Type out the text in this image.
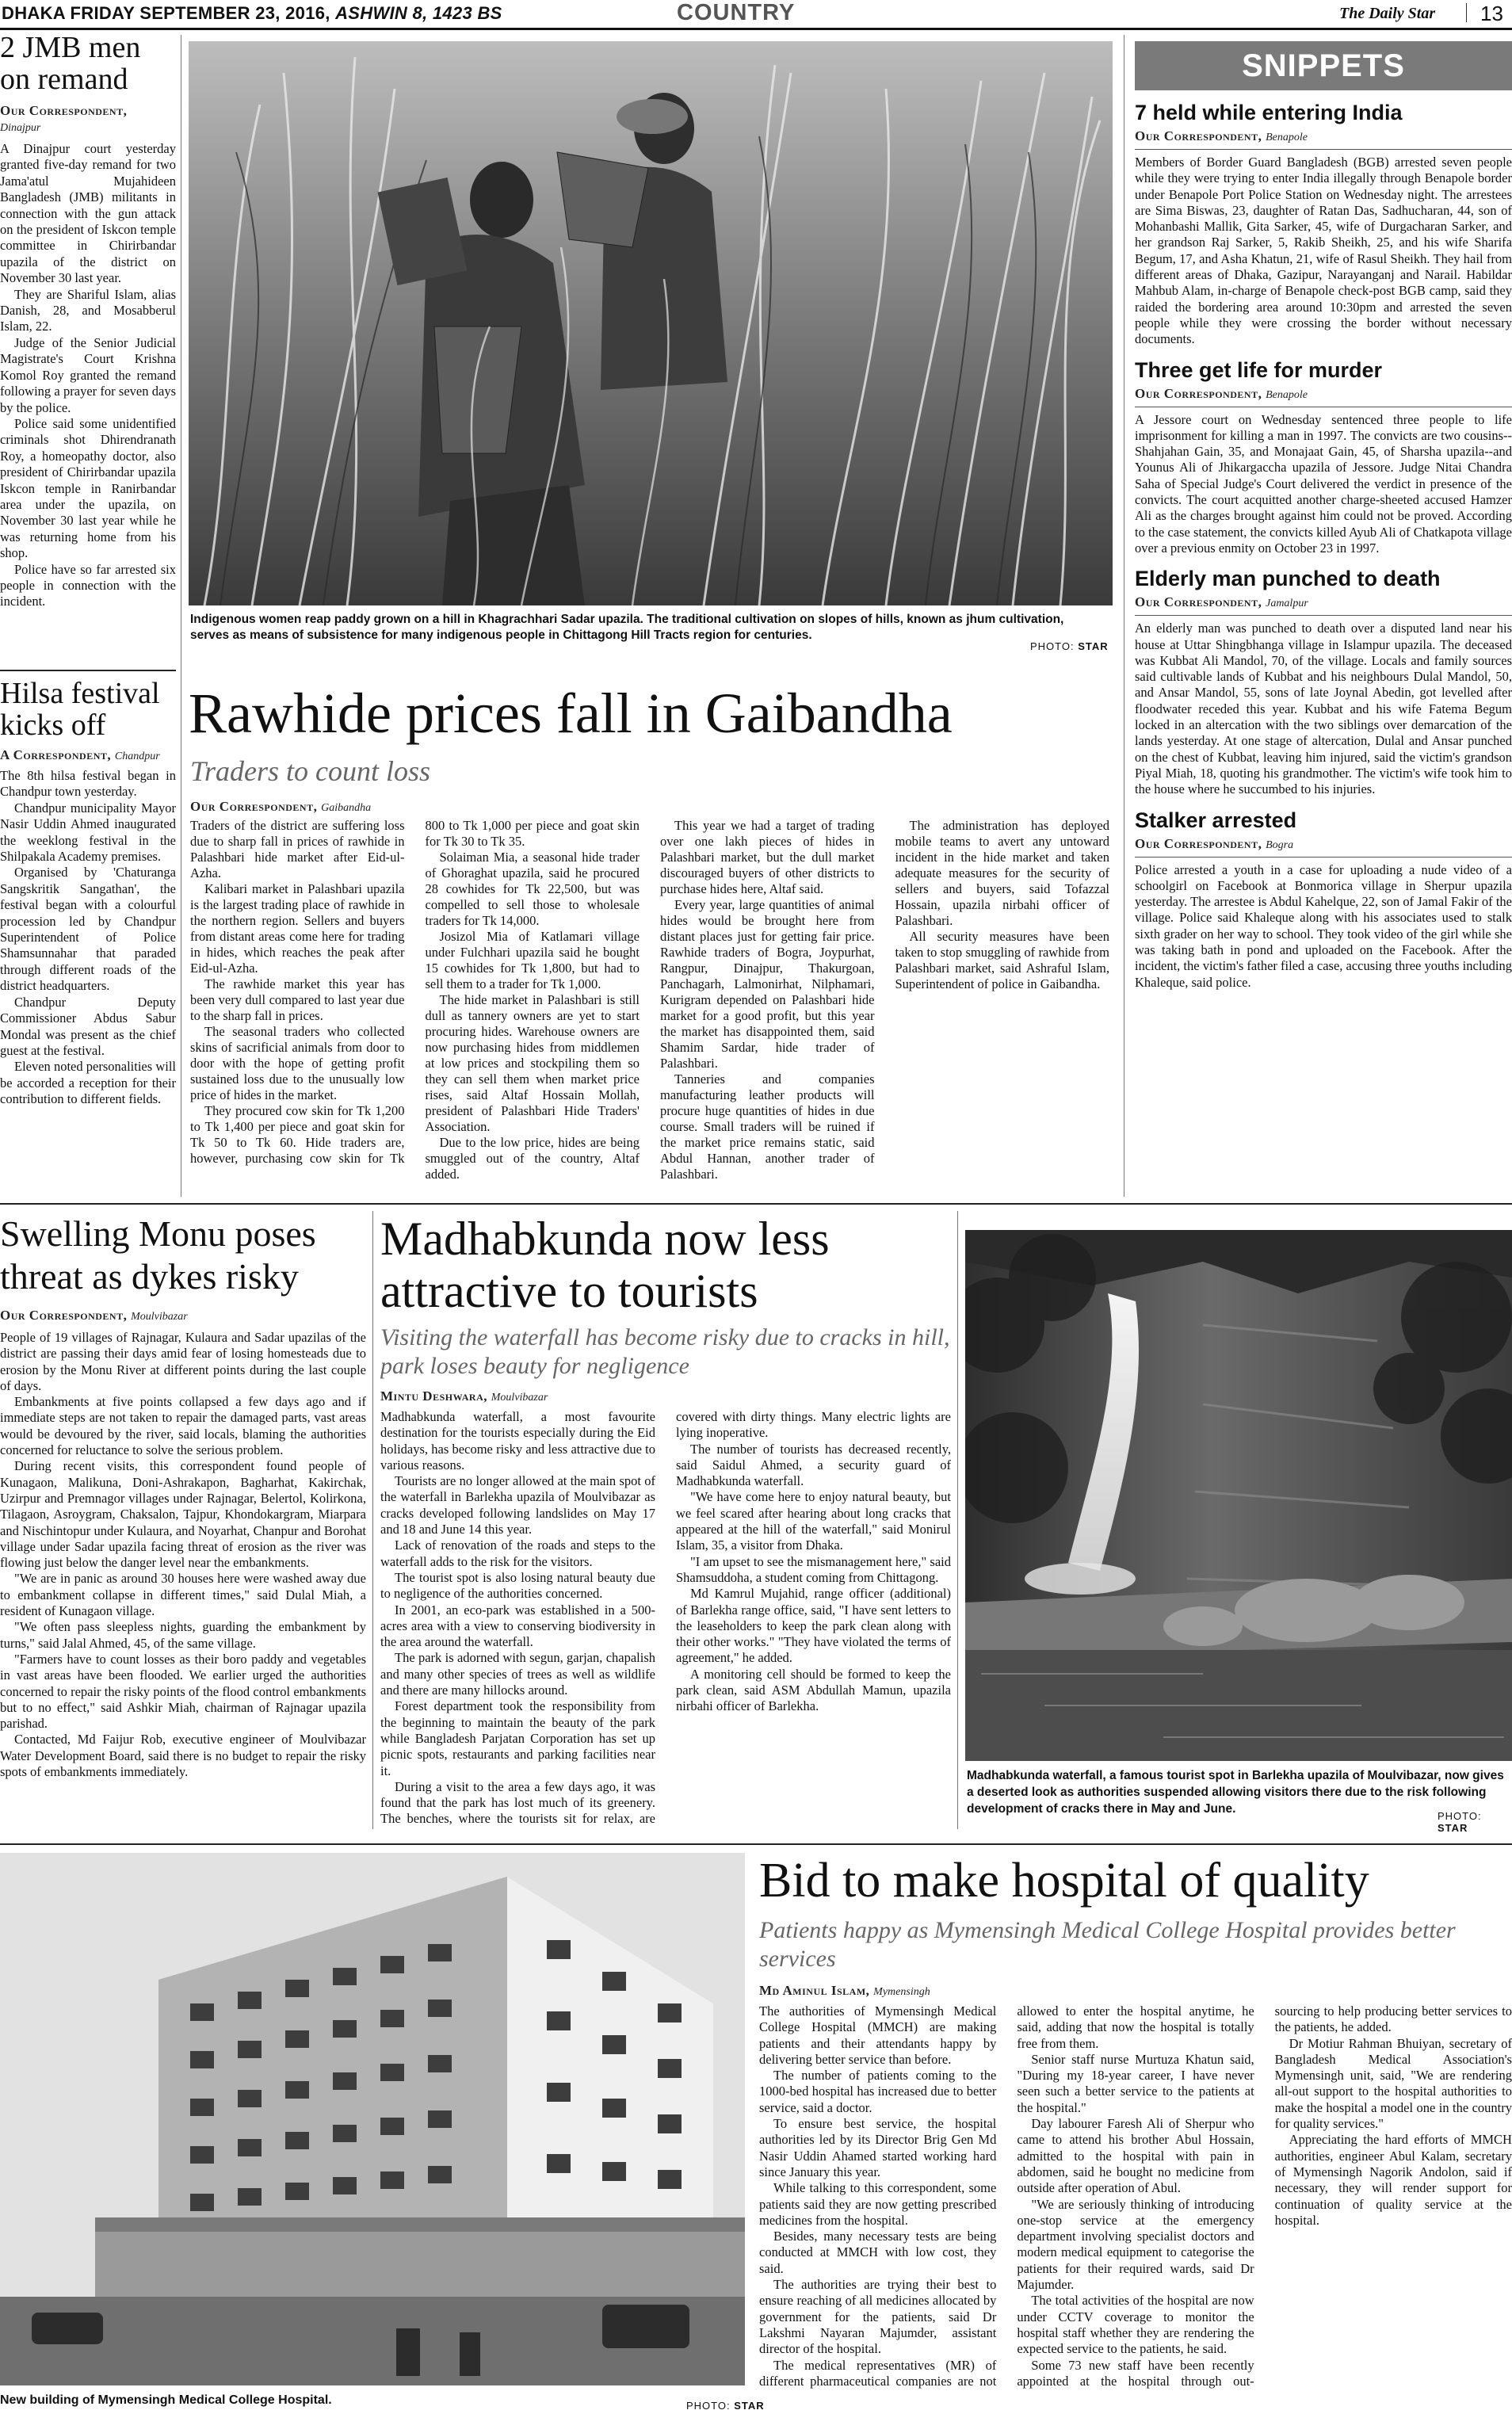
DHAKA FRIDAY SEPTEMBER 23, 2016, ASHWIN 8, 1423 BS	COUNTRY	The Daily Star 13
2 JMB men on remand
Our Correspondent,
Dinajpur

A Dinajpur court yesterday granted five-day remand for two Jama'atul Mujahideen Bangladesh (JMB) militants in connection with the gun attack on the president of Iskcon temple committee in Chirirbandar upazila of the district on November 30 last year.

They are Shariful Islam, alias Danish, 28, and Mosabberul Islam, 22.

Judge of the Senior Judicial Magistrate's Court Krishna Komol Roy granted the remand following a prayer for seven days by the police.

Police said some unidentified criminals shot Dhirendranath Roy, a homeopathy doctor, also president of Chirirbandar upazila Iskcon temple in Ranirbandar area under the upazila, on November 30 last year while he was returning home from his shop.

Police have so far arrested six people in connection with the incident.

Hilsa festival kicks off
A Correspondent, Chandpur

The 8th hilsa festival began in Chandpur town yesterday.

Chandpur municipality Mayor Nasir Uddin Ahmed inaugurated the weeklong festival in the Shilpakala Academy premises.

Organised by 'Chaturanga Sangskritik Sangathan', the festival began with a colourful procession led by Chandpur Superintendent of Police Shamsunnahar that paraded through different roads of the district headquarters.

Chandpur Deputy Commissioner Abdus Sabur Mondal was present as the chief guest at the festival.

Eleven noted personalities will be accorded a reception for their contribution to different fields.

Indigenous women reap paddy grown on a hill in Khagrachhari Sadar upazila. The traditional cultivation on slopes of hills, known as jhum cultivation, serves as means of subsistence for many indigenous people in Chittagong Hill Tracts region for centuries.
PHOTO: STAR
Rawhide prices fall in Gaibandha
Traders to count loss
Our Correspondent, Gaibandha

Traders of the district are suffering loss due to sharp fall in prices of rawhide in Palashbari hide market after Eid-ul-Azha.

Kalibari market in Palashbari upazila is the largest trading place of rawhide in the northern region. Sellers and buyers from distant areas come here for trading in hides, which reaches the peak after Eid-ul-Azha.

The rawhide market this year has been very dull compared to last year due to the sharp fall in prices.

The seasonal traders who collected skins of sacrificial animals from door to door with the hope of getting profit sustained loss due to the unusually low price of hides in the market.

They procured cow skin for Tk 1,200 to Tk 1,400 per piece and goat skin for Tk 50 to Tk 60. Hide traders are, however, purchasing cow skin for Tk 800 to Tk 1,000 per piece and goat skin for Tk 30 to Tk 35.

Solaiman Mia, a seasonal hide trader of Ghoraghat upazila, said he procured 28 cowhides for Tk 22,500, but was compelled to sell those to wholesale traders for Tk 14,000.

Josizol Mia of Katlamari village under Fulchhari upazila said he bought 15 cowhides for Tk 1,800, but had to sell them to a trader for Tk 1,000.

The hide market in Palashbari is still dull as tannery owners are yet to start procuring hides. Warehouse owners are now purchasing hides from middlemen at low prices and stockpiling them so they can sell them when market price rises, said Altaf Hossain Mollah, president of Palashbari Hide Traders' Association.

Due to the low price, hides are being smuggled out of the country, Altaf added.

This year we had a target of trading over one lakh pieces of hides in Palashbari market, but the dull market discouraged buyers of other districts to purchase hides here, Altaf said.

Every year, large quantities of animal hides would be brought here from distant places just for getting fair price. Rawhide traders of Bogra, Joypurhat, Rangpur, Dinajpur, Thakurgoan, Panchagarh, Lalmonirhat, Nilphamari, Kurigram depended on Palashbari hide market for a good profit, but this year the market has disappointed them, said Shamim Sardar, hide trader of Palashbari.

Tanneries and companies manufacturing leather products will procure huge quantities of hides in due course. Small traders will be ruined if the market price remains static, said Abdul Hannan, another trader of Palashbari.

The administration has deployed mobile teams to avert any untoward incident in the hide market and taken adequate measures for the security of sellers and buyers, said Tofazzal Hossain, upazila nirbahi officer of Palashbari.

All security measures have been taken to stop smuggling of rawhide from Palashbari market, said Ashraful Islam, Superintendent of police in Gaibandha.

SNIPPETS
7 held while entering India
Our Correspondent, Benapole
Members of Border Guard Bangladesh (BGB) arrested seven people while they were trying to enter India illegally through Benapole border under Benapole Port Police Station on Wednesday night. The arrestees are Sima Biswas, 23, daughter of Ratan Das, Sadhucharan, 44, son of Mohanbashi Mallik, Gita Sarker, 45, wife of Durgacharan Sarker, and her grandson Raj Sarker, 5, Rakib Sheikh, 25, and his wife Sharifa Begum, 17, and Asha Khatun, 21, wife of Rasul Sheikh. They hail from different areas of Dhaka, Gazipur, Narayanganj and Narail. Habildar Mahbub Alam, in-charge of Benapole check-post BGB camp, said they raided the bordering area around 10:30pm and arrested the seven people while they were crossing the border without necessary documents.
Three get life for murder
Our Correspondent, Benapole
A Jessore court on Wednesday sentenced three people to life imprisonment for killing a man in 1997. The convicts are two cousins--Shahjahan Gain, 35, and Monajaat Gain, 45, of Sharsha upazila--and Younus Ali of Jhikargaccha upazila of Jessore. Judge Nitai Chandra Saha of Special Judge's Court delivered the verdict in presence of the convicts. The court acquitted another charge-sheeted accused Hamzer Ali as the charges brought against him could not be proved. According to the case statement, the convicts killed Ayub Ali of Chatkapota village over a previous enmity on October 23 in 1997.
Elderly man punched to death
Our Correspondent, Jamalpur
An elderly man was punched to death over a disputed land near his house at Uttar Shingbhanga village in Islampur upazila. The deceased was Kubbat Ali Mandol, 70, of the village. Locals and family sources said cultivable lands of Kubbat and his neighbours Dulal Mandol, 50, and Ansar Mandol, 55, sons of late Joynal Abedin, got levelled after floodwater receded this year. Kubbat and his wife Fatema Begum locked in an altercation with the two siblings over demarcation of the lands yesterday. At one stage of altercation, Dulal and Ansar punched on the chest of Kubbat, leaving him injured, said the victim's grandson Piyal Miah, 18, quoting his grandmother. The victim's wife took him to the house where he succumbed to his injuries.
Stalker arrested
Our Correspondent, Bogra
Police arrested a youth in a case for uploading a nude video of a schoolgirl on Facebook at Bonmorica village in Sherpur upazila yesterday. The arrestee is Abdul Kahelque, 22, son of Jamal Fakir of the village. Police said Khaleque along with his associates used to stalk sixth grader on her way to school. They took video of the girl while she was taking bath in pond and uploaded on the Facebook. After the incident, the victim's father filed a case, accusing three youths including Khaleque, said police.
Swelling Monu poses threat as dykes risky
Our Correspondent, Moulvibazar

People of 19 villages of Rajnagar, Kulaura and Sadar upazilas of the district are passing their days amid fear of losing homesteads due to erosion by the Monu River at different points during the last couple of days.

Embankments at five points collapsed a few days ago and if immediate steps are not taken to repair the damaged parts, vast areas would be devoured by the river, said locals, blaming the authorities concerned for reluctance to solve the serious problem.

During recent visits, this correspondent found people of Kunagaon, Malikuna, Doni-Ashrakapon, Bagharhat, Kakirchak, Uzirpur and Premnagor villages under Rajnagar, Belertol, Kolirkona, Tilagaon, Asroygram, Chaksalon, Tajpur, Khondokargram, Miarpara and Nischintopur under Kulaura, and Noyarhat, Chanpur and Borohat village under Sadar upazila facing threat of erosion as the river was flowing just below the danger level near the embankments.

"We are in panic as around 30 houses here were washed away due to embankment collapse in different times," said Dulal Miah, a resident of Kunagaon village.

"We often pass sleepless nights, guarding the embankment by turns," said Jalal Ahmed, 45, of the same village.

"Farmers have to count losses as their boro paddy and vegetables in vast areas have been flooded. We earlier urged the authorities concerned to repair the risky points of the flood control embankments but to no effect," said Ashkir Miah, chairman of Rajnagar upazila parishad.

Contacted, Md Faijur Rob, executive engineer of Moulvibazar Water Development Board, said there is no budget to repair the risky spots of embankments immediately.

Madhabkunda now less attractive to tourists
Visiting the waterfall has become risky due to cracks in hill, park loses beauty for negligence
Mintu Deshwara, Moulvibazar

Madhabkunda waterfall, a most favourite destination for the tourists especially during the Eid holidays, has become risky and less attractive due to various reasons.

Tourists are no longer allowed at the main spot of the waterfall in Barlekha upazila of Moulvibazar as cracks developed following landslides on May 17 and 18 and June 14 this year.

Lack of renovation of the roads and steps to the waterfall adds to the risk for the visitors.

The tourist spot is also losing natural beauty due to negligence of the authorities concerned.

In 2001, an eco-park was established in a 500-acres area with a view to conserving biodiversity in the area around the waterfall.

The park is adorned with segun, garjan, chapalish and many other species of trees as well as wildlife and there are many hillocks around.

Forest department took the responsibility from the beginning to maintain the beauty of the park while Bangladesh Parjatan Corporation has set up picnic spots, restaurants and parking facilities near it.

During a visit to the area a few days ago, it was found that the park has lost much of its greenery. The benches, where the tourists sit for relax, are covered with dirty things. Many electric lights are lying inoperative.

The number of tourists has decreased recently, said Saidul Ahmed, a security guard of Madhabkunda waterfall.

"We have come here to enjoy natural beauty, but we feel scared after hearing about long cracks that appeared at the hill of the waterfall," said Monirul Islam, 35, a visitor from Dhaka.

"I am upset to see the mismanagement here," said Shamsuddoha, a student coming from Chittagong.

Md Kamrul Mujahid, range officer (additional) of Barlekha range office, said, "I have sent letters to the leaseholders to keep the park clean along with their other works." "They have violated the terms of agreement," he added.

A monitoring cell should be formed to keep the park clean, said ASM Abdullah Mamun, upazila nirbahi officer of Barlekha.

Madhabkunda waterfall, a famous tourist spot in Barlekha upazila of Moulvibazar, now gives a deserted look as authorities suspended allowing visitors there due to the risk following development of cracks there in May and June.
PHOTO: STAR
New building of Mymensingh Medical College Hospital.	PHOTO: STAR
Bid to make hospital of quality
Patients happy as Mymensingh Medical College Hospital provides better services
Md Aminul Islam, Mymensingh

The authorities of Mymensingh Medical College Hospital (MMCH) are making patients and their attendants happy by delivering better service than before.

The number of patients coming to the 1000-bed hospital has increased due to better service, said a doctor.

To ensure best service, the hospital authorities led by its Director Brig Gen Md Nasir Uddin Ahamed started working hard since January this year.

While talking to this correspondent, some patients said they are now getting prescribed medicines from the hospital.

Besides, many necessary tests are being conducted at MMCH with low cost, they said.

The authorities are trying their best to ensure reaching of all medicines allocated by government for the patients, said Dr Lakshmi Nayaran Majumder, assistant director of the hospital.

The medical representatives (MR) of different pharmaceutical companies are not allowed to enter the hospital anytime, he said, adding that now the hospital is totally free from them.

Senior staff nurse Murtuza Khatun said, "During my 18-year career, I have never seen such a better service to the patients at the hospital."

Day labourer Faresh Ali of Sherpur who came to attend his brother Abul Hossain, admitted to the hospital with pain in abdomen, said he bought no medicine from outside after operation of Abul.

"We are seriously thinking of introducing one-stop service at the emergency department involving specialist doctors and modern medical equipment to categorise the patients for their required wards, said Dr Majumder.

The total activities of the hospital are now under CCTV coverage to monitor the hospital staff whether they are rendering the expected service to the patients, he said.

Some 73 new staff have been recently appointed at the hospital through out-sourcing to help producing better services to the patients, he added.

Dr Motiur Rahman Bhuiyan, secretary of Bangladesh Medical Association's Mymensingh unit, said, "We are rendering all-out support to the hospital authorities to make the hospital a model one in the country for quality services."

Appreciating the hard efforts of MMCH authorities, engineer Abul Kalam, secretary of Mymensingh Nagorik Andolon, said if necessary, they will render support for continuation of quality service at the hospital.
